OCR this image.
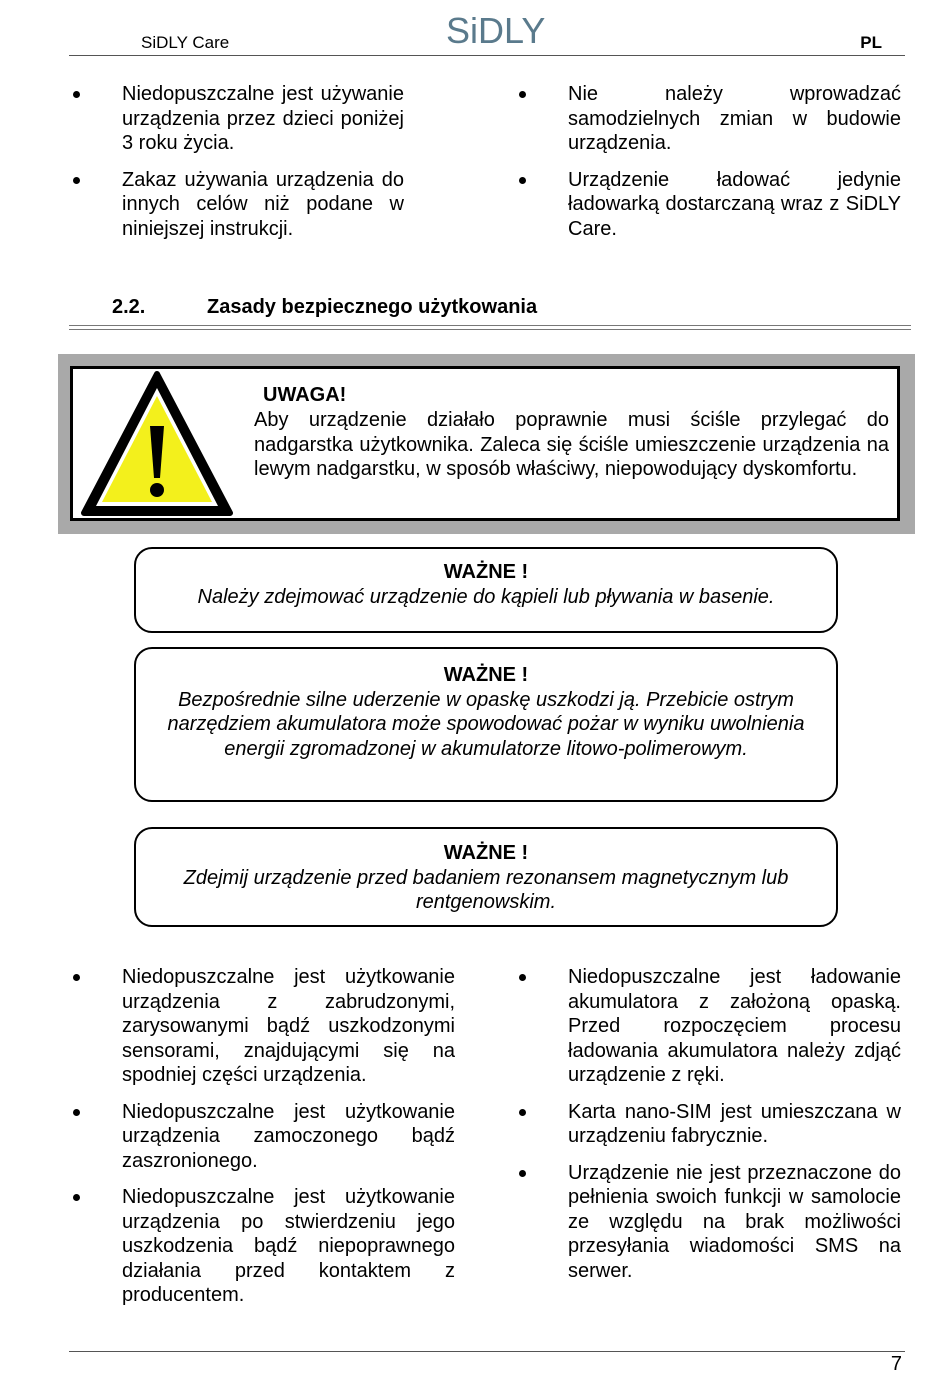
SiDLY Care	SiDLY	PL
Niedopuszczalne jest używanie urządzenia przez dzieci poniżej 3 roku życia.
Zakaz używania urządzenia do innych celów niż podane w niniejszej instrukcji.
Nie należy wprowadzać samodzielnych zmian w budowie urządzenia.
Urządzenie ładować jedynie ładowarką dostarczaną wraz z SiDLY Care.
2.2.	Zasady bezpiecznego użytkowania
UWAGA!
Aby urządzenie działało poprawnie musi ściśle przylegać do nadgarstka użytkownika. Zaleca się ściśle umieszczenie urządzenia na lewym nadgarstku, w sposób właściwy, niepowodujący dyskomfortu.
WAŻNE !
Należy zdejmować urządzenie do kąpieli lub pływania w basenie.
WAŻNE !
Bezpośrednie silne uderzenie w opaskę uszkodzi ją. Przebicie ostrym narzędziem akumulatora może spowodować pożar w wyniku uwolnienia energii zgromadzonej w akumulatorze litowo-polimerowym.
WAŻNE !
Zdejmij urządzenie przed badaniem rezonansem magnetycznym lub rentgenowskim.
Niedopuszczalne jest użytkowanie urządzenia z zabrudzonymi, zarysowanymi bądź uszkodzonymi sensorami, znajdującymi się na spodniej części urządzenia.
Niedopuszczalne jest użytkowanie urządzenia zamoczonego bądź zaszronionego.
Niedopuszczalne jest użytkowanie urządzenia po stwierdzeniu jego uszkodzenia bądź niepoprawnego działania przed kontaktem z producentem.
Niedopuszczalne jest ładowanie akumulatora z założoną opaską. Przed rozpoczęciem procesu ładowania akumulatora należy zdjąć urządzenie z ręki.
Karta nano-SIM jest umieszczana w urządzeniu fabrycznie.
Urządzenie nie jest przeznaczone do pełnienia swoich funkcji w samolocie ze względu na brak możliwości przesyłania wiadomości SMS na serwer.
7
